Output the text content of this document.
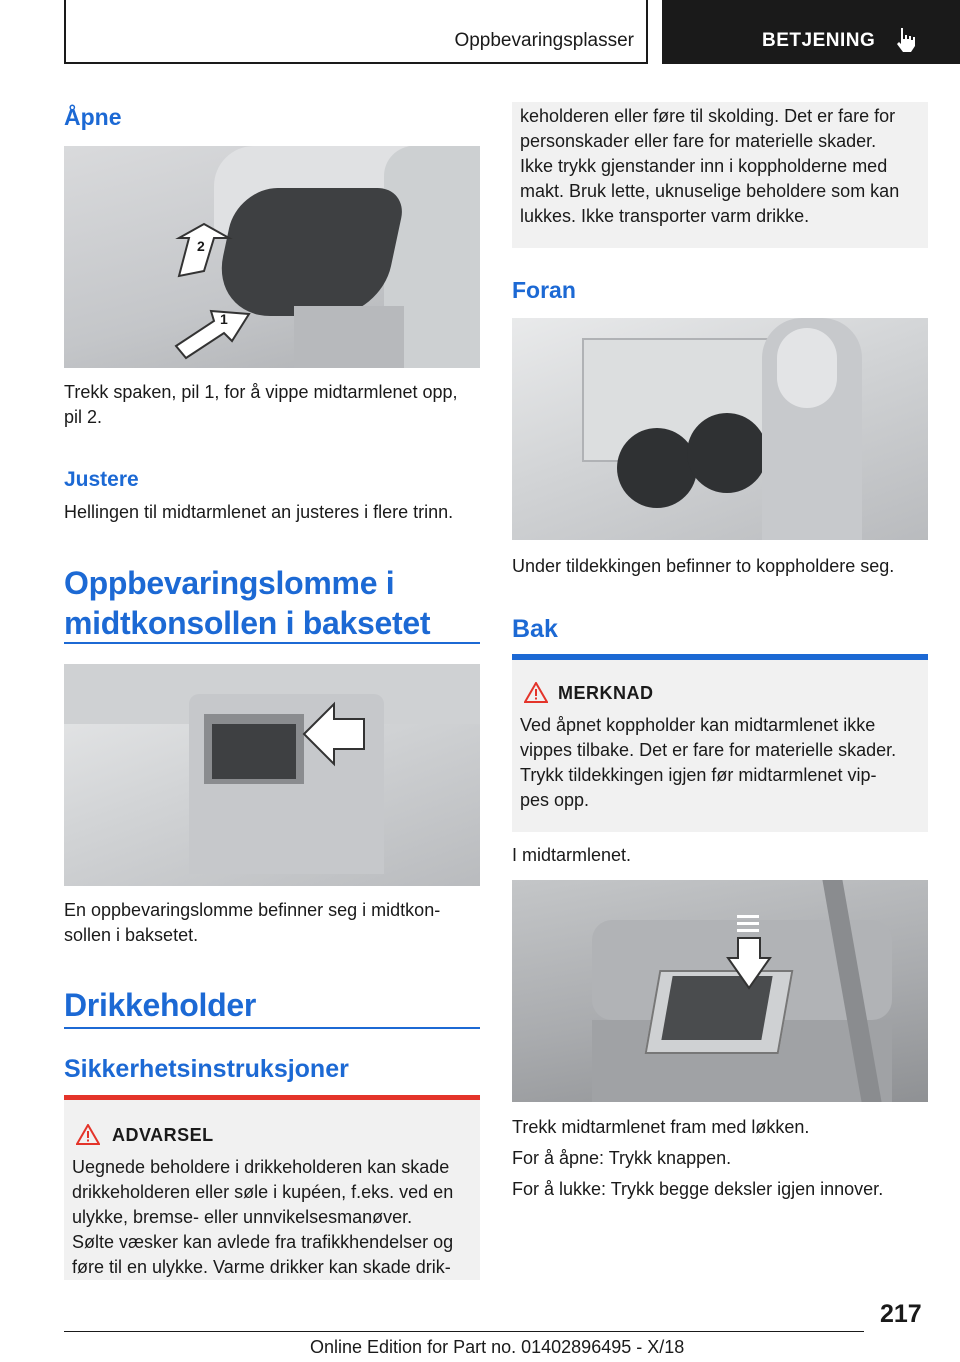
Oppbevaringsplasser	BETJENING
Åpne
1
2
Trekk spaken, pil 1, for å vippe midtarmlenet opp, pil 2.
Justere
Hellingen til midtarmlenet an justeres i flere trinn.
Oppbevaringslomme i
midtkonsollen i baksetet
En oppbevaringslomme befinner seg i midtkon-
sollen i baksetet.
Drikkeholder
Sikkerhetsinstruksjoner
ADVARSEL
Uegnede beholdere i drikkeholderen kan skade
drikkeholderen eller søle i kupéen, f.eks. ved en
ulykke, bremse- eller unnvikelsesmanøver.
Sølte væsker kan avlede fra trafikkhendelser og
føre til en ulykke. Varme drikker kan skade drik-
keholderen eller føre til skolding. Det er fare for
personskader eller fare for materielle skader.
Ikke trykk gjenstander inn i koppholderne med
makt. Bruk lette, uknuselige beholdere som kan
lukkes. Ikke transporter varm drikke.
Foran
Under tildekkingen befinner to koppholdere seg.
Bak
MERKNAD
Ved åpnet koppholder kan midtarmlenet ikke
vippes tilbake. Det er fare for materielle skader.
Trykk tildekkingen igjen før midtarmlenet vip-
pes opp.
I midtarmlenet.
Trekk midtarmlenet fram med løkken.
For å åpne: Trykk knappen.
For å lukke: Trykk begge deksler igjen innover.
217
Online Edition for Part no. 01402896495 - X/18
